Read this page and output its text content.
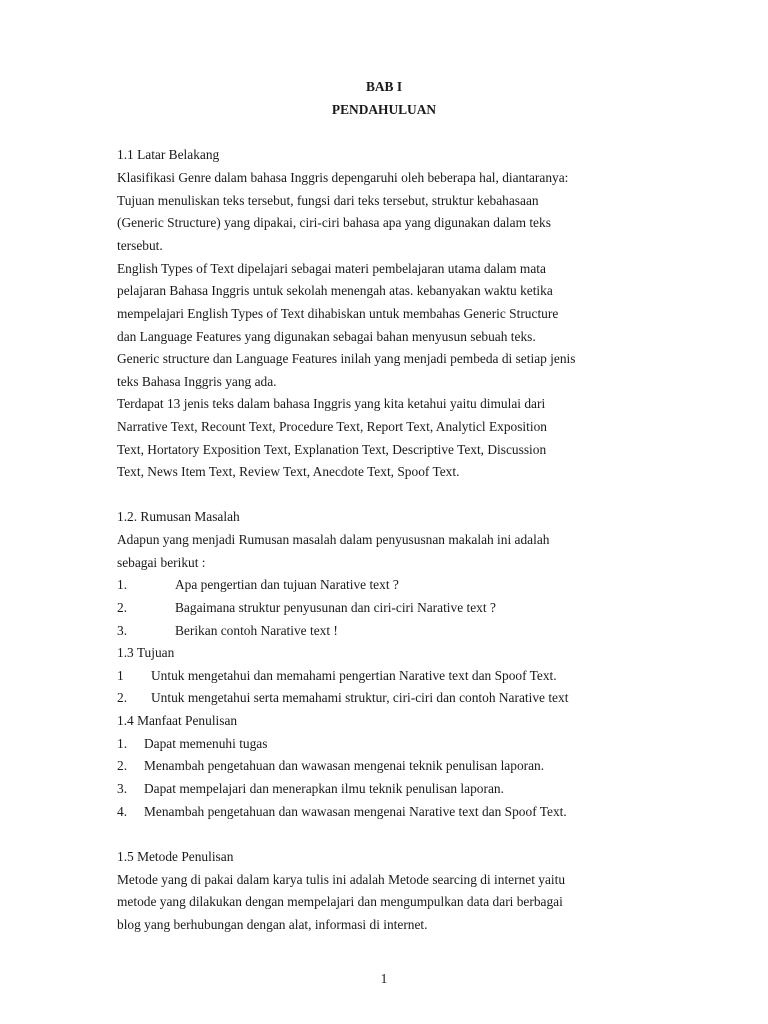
BAB I
PENDAHULUAN
1.1 Latar Belakang
Klasifikasi Genre dalam bahasa Inggris depengaruhi oleh beberapa hal, diantaranya:
Tujuan menuliskan teks tersebut, fungsi dari teks tersebut, struktur kebahasaan
(Generic Structure) yang dipakai, ciri-ciri bahasa apa yang digunakan dalam teks
tersebut.
English Types of Text dipelajari sebagai materi pembelajaran utama dalam mata
pelajaran Bahasa Inggris untuk sekolah menengah atas. kebanyakan waktu ketika
mempelajari English Types of Text dihabiskan untuk membahas Generic Structure
dan Language Features yang digunakan sebagai bahan menyusun sebuah teks.
Generic structure dan Language Features inilah yang menjadi pembeda di setiap jenis
teks Bahasa Inggris yang ada.
Terdapat 13 jenis teks dalam bahasa Inggris yang kita ketahui yaitu dimulai dari
Narrative Text, Recount Text, Procedure Text, Report Text, Analyticl Exposition
Text, Hortatory Exposition Text, Explanation Text, Descriptive Text, Discussion
Text, News Item Text, Review Text, Anecdote Text, Spoof Text.
1.2. Rumusan Masalah
Adapun yang menjadi Rumusan masalah dalam penyususnan makalah ini adalah
sebagai berikut :
1.	Apa pengertian dan tujuan Narative text ?
2.	Bagaimana struktur penyusunan dan ciri-ciri Narative text ?
3.	Berikan contoh Narative text !
1.3 Tujuan
1 Untuk mengetahui dan memahami pengertian Narative text dan Spoof Text.
2. Untuk mengetahui serta memahami struktur, ciri-ciri dan contoh Narative text
1.4 Manfaat Penulisan
1. Dapat memenuhi tugas
2. Menambah pengetahuan dan wawasan mengenai teknik penulisan laporan.
3. Dapat mempelajari dan menerapkan ilmu teknik penulisan laporan.
4. Menambah pengetahuan dan wawasan mengenai Narative text dan Spoof Text.
1.5 Metode Penulisan
Metode yang di pakai dalam karya tulis ini adalah Metode searcing di internet yaitu
metode yang dilakukan dengan mempelajari dan mengumpulkan data dari berbagai
blog yang berhubungan dengan alat, informasi di internet.
1
